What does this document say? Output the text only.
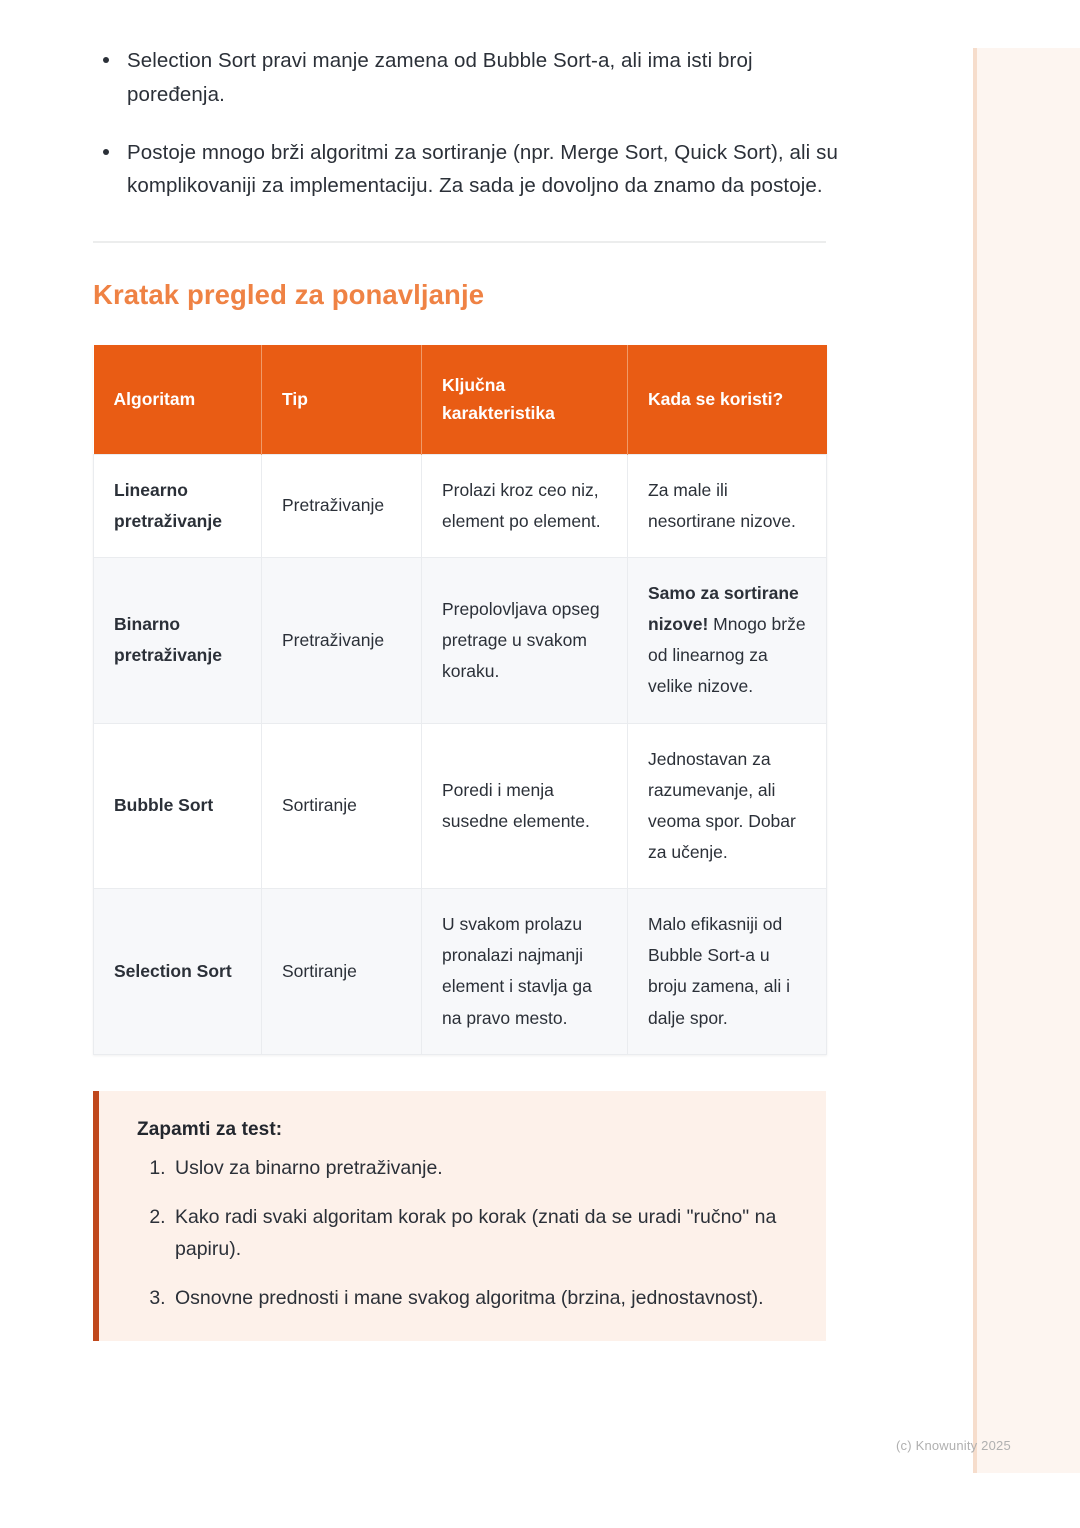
Selection Sort pravi manje zamena od Bubble Sort-a, ali ima isti broj poređenja.
Postoje mnogo brži algoritmi za sortiranje (npr. Merge Sort, Quick Sort), ali su komplikovaniji za implementaciju. Za sada je dovoljno da znamo da postoje.
Kratak pregled za ponavljanje
Algoritam	Tip	Ključna karakteristika	Kada se koristi?
Linearno pretraživanje	Pretraživanje	Prolazi kroz ceo niz, element po element.	Za male ili nesortirane nizove.
Binarno pretraživanje	Pretraživanje	Prepolovljava opseg pretrage u svakom koraku.	Samo za sortirane nizove! Mnogo brže od linearnog za velike nizove.
Bubble Sort	Sortiranje	Poredi i menja susedne elemente.	Jednostavan za razumevanje, ali veoma spor. Dobar za učenje.
Selection Sort	Sortiranje	U svakom prolazu pronalazi najmanji element i stavlja ga na pravo mesto.	Malo efikasniji od Bubble Sort-a u broju zamena, ali i dalje spor.
Zapamti za test:
1. Uslov za binarno pretraživanje.
2. Kako radi svaki algoritam korak po korak (znati da se uradi "ručno" na papiru).
3. Osnovne prednosti i mane svakog algoritma (brzina, jednostavnost).
(c) Knowunity 2025
